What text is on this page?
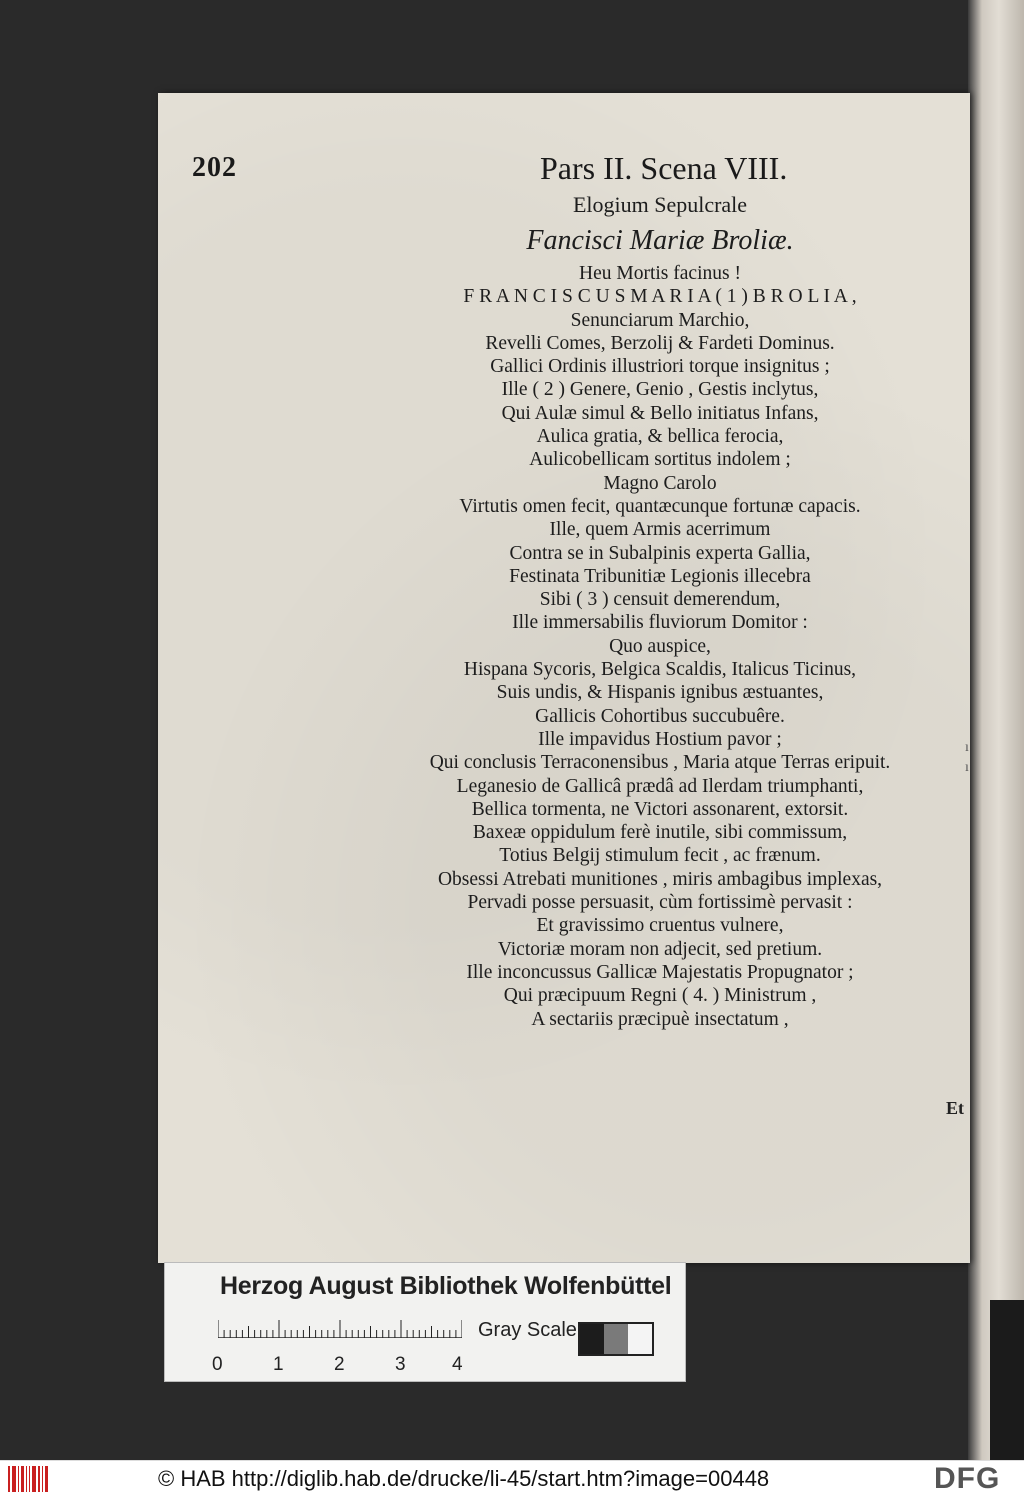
202	Pars II. Scena VIII.
Elogium Sepulcrale
Fancisci Mariæ Broliæ.
Heu Mortis facinus !
F R A N C I S C U S M A R I A ( 1 ) B R O L I A ,
Senunciarum Marchio,
Revelli Comes, Berzolij & Fardeti Dominus.
Gallici Ordinis illustriori torque insignitus ;
Ille ( 2 ) Genere, Genio , Gestis inclytus,
Qui Aulæ simul & Bello initiatus Infans,
Aulica gratia, & bellica ferocia,
Aulicobellicam sortitus indolem ;
Magno Carolo
Virtutis omen fecit, quantæcunque fortunæ capacis.
Ille, quem Armis acerrimum
Contra se in Subalpinis experta Gallia,
Festinata Tribunitiæ Legionis illecebra
Sibi ( 3 ) censuit demerendum,
Ille immersabilis fluviorum Domitor :
Quo auspice,
Hispana Sycoris, Belgica Scaldis, Italicus Ticinus,
Suis undis, & Hispanis ignibus æstuantes,
Gallicis Cohortibus succubuêre.
Ille impavidus Hostium pavor ;
Qui conclusis Terraconensibus , Maria atque Terras eripuit.
Leganesio de Gallicâ prædâ ad Ilerdam triumphanti,
Bellica tormenta, ne Victori assonarent, extorsit.
Baxeæ oppidulum ferè inutile, sibi commissum,
Totius Belgij stimulum fecit , ac frænum.
Obsessi Atrebati munitiones , miris ambagibus implexas,
Pervadi posse persuasit, cùm fortissimè pervasit :
Et gravissimo cruentus vulnere,
Victoriæ moram non adjecit, sed pretium.
Ille inconcussus Gallicæ Majestatis Propugnator ;
Qui præcipuum Regni ( 4. ) Ministrum ,
A sectariis præcipuè insectatum ,
ı
ı
Et
Herzog August Bibliothek Wolfenbüttel
0	1	2	3 4
Gray Scale
© HAB http://diglib.hab.de/drucke/li-45/start.htm?image=00448	DFG
